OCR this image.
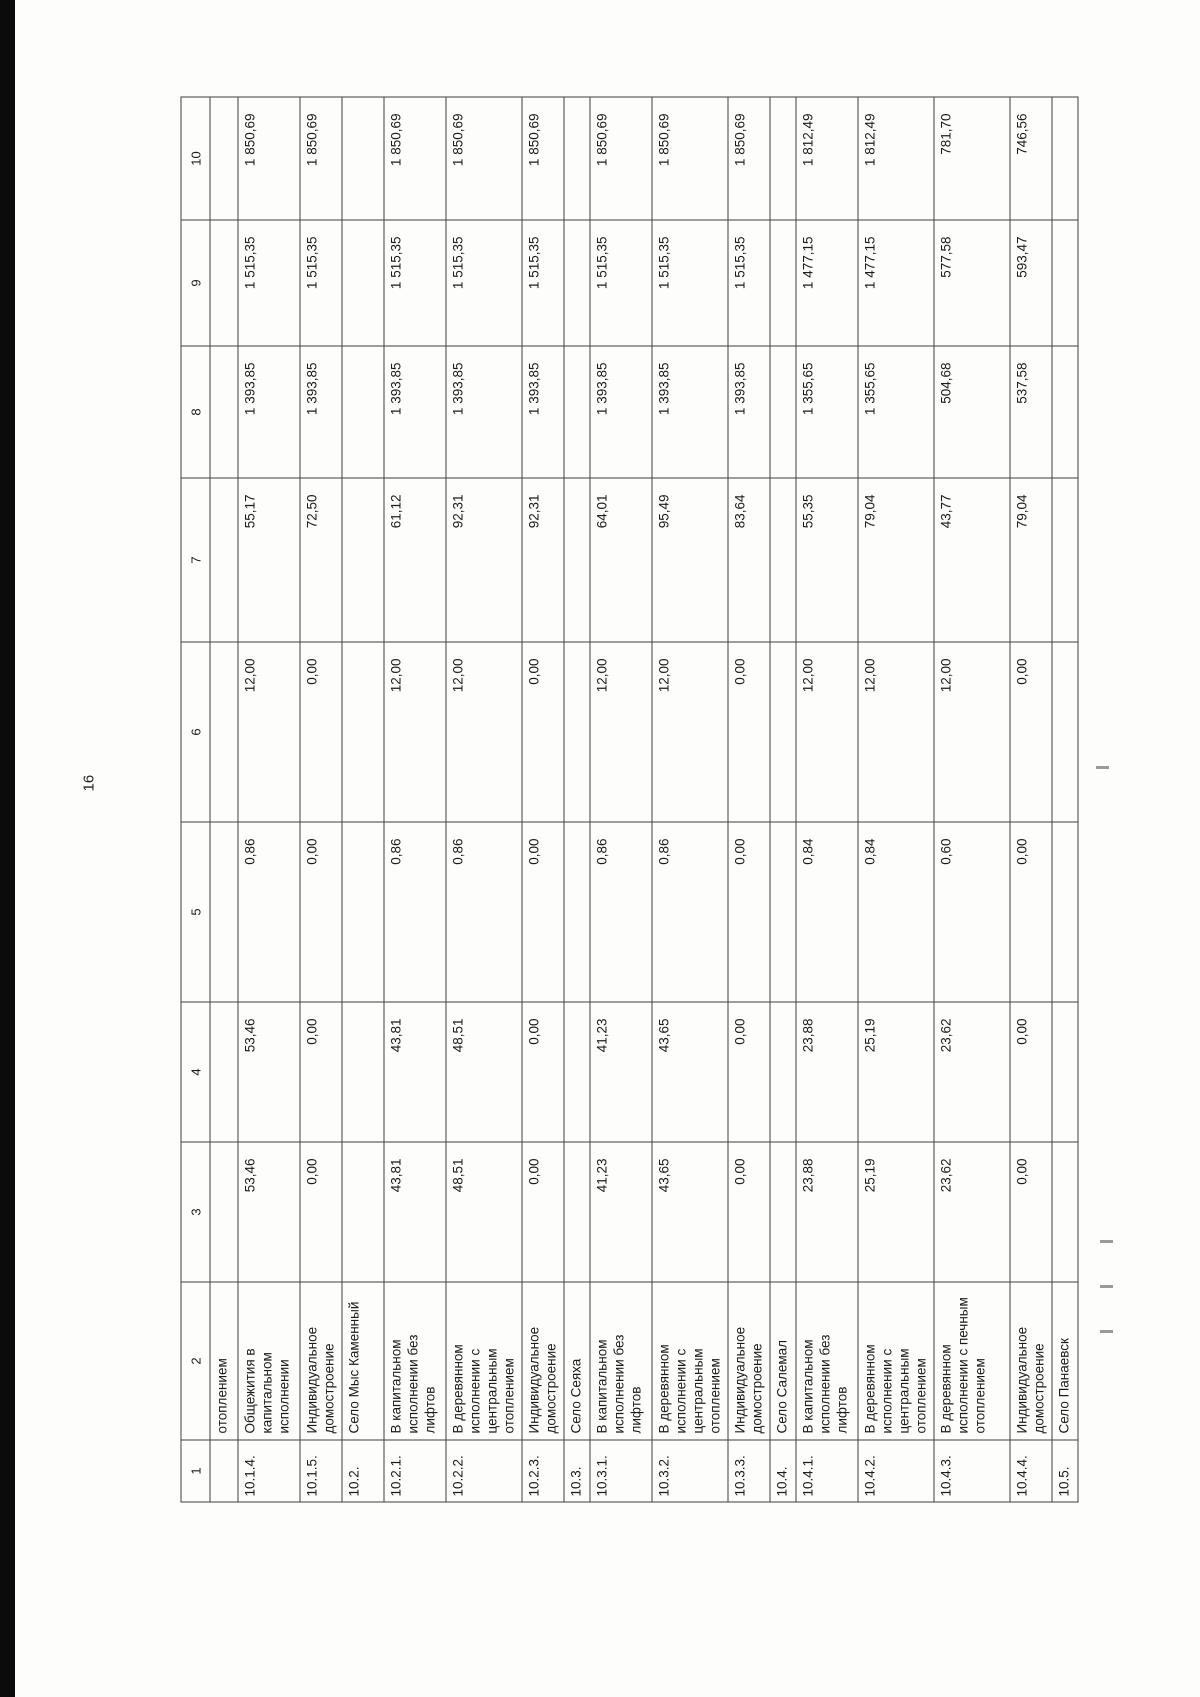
16
1	2	3	4	5	6	7	8	9	10
	отоплением								
10.1.4.	Общежития в капитальном исполнении	53,46	53,46	0,86	12,00	55,17	1 393,85	1 515,35	1 850,69
10.1.5.	Индивидуальное домостроение	0,00	0,00	0,00	0,00	72,50	1 393,85	1 515,35	1 850,69
10.2.	Село Мыс Каменный								
10.2.1.	В капитальном исполнении без лифтов	43,81	43,81	0,86	12,00	61,12	1 393,85	1 515,35	1 850,69
10.2.2.	В деревянном исполнении с центральным отоплением	48,51	48,51	0,86	12,00	92,31	1 393,85	1 515,35	1 850,69
10.2.3.	Индивидуальное домостроение	0,00	0,00	0,00	0,00	92,31	1 393,85	1 515,35	1 850,69
10.3.	Село Сеяха								
10.3.1.	В капитальном исполнении без лифтов	41,23	41,23	0,86	12,00	64,01	1 393,85	1 515,35	1 850,69
10.3.2.	В деревянном исполнении с центральным отоплением	43,65	43,65	0,86	12,00	95,49	1 393,85	1 515,35	1 850,69
10.3.3.	Индивидуальное домостроение	0,00	0,00	0,00	0,00	83,64	1 393,85	1 515,35	1 850,69
10.4.	Село Салемал								
10.4.1.	В капитальном исполнении без лифтов	23,88	23,88	0,84	12,00	55,35	1 355,65	1 477,15	1 812,49
10.4.2.	В деревянном исполнении с центральным отоплением	25,19	25,19	0,84	12,00	79,04	1 355,65	1 477,15	1 812,49
10.4.3.	В деревянном исполнении с печным отоплением	23,62	23,62	0,60	12,00	43,77	504,68	577,58	781,70
10.4.4.	Индивидуальное домостроение	0,00	0,00	0,00	0,00	79,04	537,58	593,47	746,56
10.5.	Село Панаевск								
